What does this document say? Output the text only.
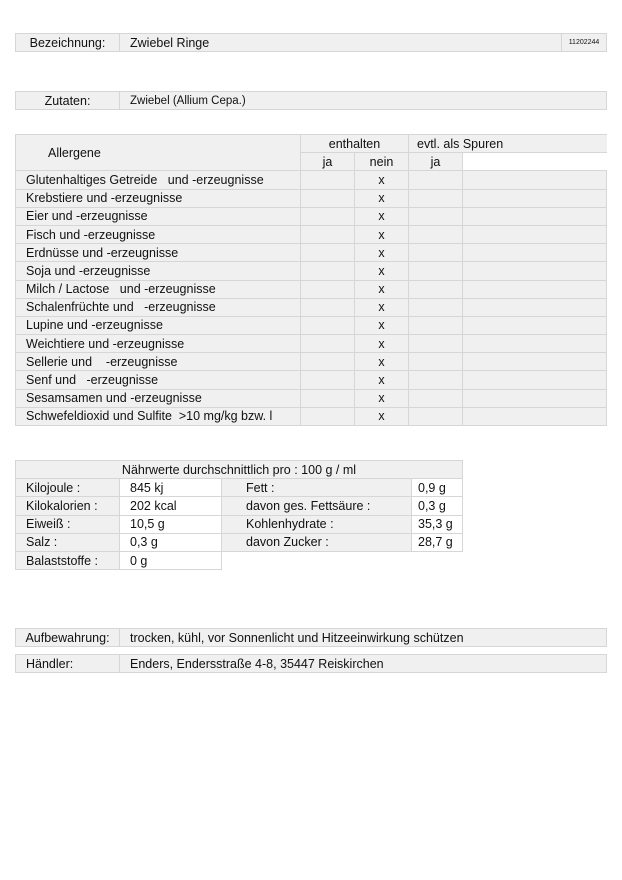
Bezeichnung:	Zwiebel Ringe	11202244
Zutaten:	Zwiebel (Allium Cepa.)
Allergene	enthalten		evtl. als Spuren	
	ja	nein	ja	
Glutenhaltiges Getreide   und -erzeugnisse		x		
Krebstiere und -erzeugnisse		x		
Eier und -erzeugnisse		x		
Fisch und -erzeugnisse		x		
Erdnüsse und -erzeugnisse		x		
Soja und -erzeugnisse		x		
Milch / Lactose   und -erzeugnisse		x		
Schalenfrüchte und   -erzeugnisse		x		
Lupine und -erzeugnisse		x		
Weichtiere und -erzeugnisse		x		
Sellerie und    -erzeugnisse		x		
Senf und   -erzeugnisse		x		
Sesamsamen und -erzeugnisse		x		
Schwefeldioxid und Sulfite  >10 mg/kg bzw. l		x		
Nährwerte durchschnittlich pro : 100 g / ml			
Kilojoule :	845 kj	Fett :	0,9 g
Kilokalorien :	202 kcal	davon ges. Fettsäure :	0,3 g
Eiweiß :	10,5 g	Kohlenhydrate :	35,3 g
Salz :	0,3 g	davon Zucker :	28,7 g
Balaststoffe :	0 g		
Aufbewahrung:	trocken, kühl, vor Sonnenlicht und Hitzeeinwirkung schützen
Händler:	Enders, Endersstraße 4-8, 35447 Reiskirchen
